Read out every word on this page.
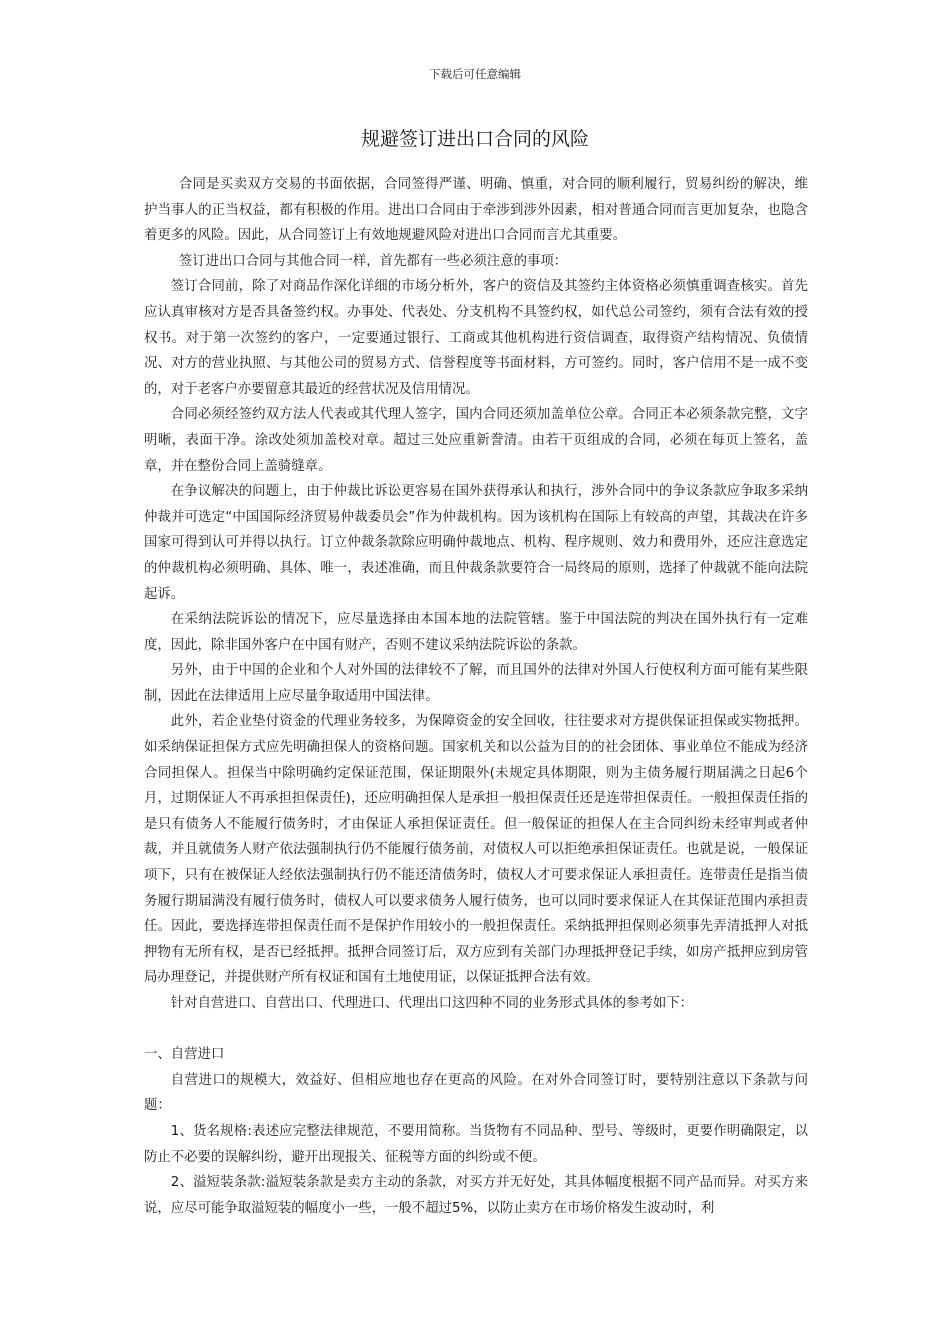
下载后可任意编辑
规避签订进出口合同的风险

合同是买卖双方交易的书面依据，合同签得严谨、明确、慎重，对合同的顺利履行，贸易纠纷的解决，维护当事人的正当权益，都有积极的作用。进出口合同由于牵涉到涉外因素，相对普通合同而言更加复杂，也隐含着更多的风险。因此，从合同签订上有效地规避风险对进出口合同而言尤其重要。

签订进出口合同与其他合同一样，首先都有一些必须注意的事项：

签订合同前，除了对商品作深化详细的市场分析外，客户的资信及其签约主体资格必须慎重调查核实。首先应认真审核对方是否具备签约权。办事处、代表处、分支机构不具签约权，如代总公司签约，须有合法有效的授权书。对于第一次签约的客户，一定要通过银行、工商或其他机构进行资信调查，取得资产结构情况、负债情况、对方的营业执照、与其他公司的贸易方式、信誉程度等书面材料，方可签约。同时，客户信用不是一成不变的，对于老客户亦要留意其最近的经营状况及信用情况。

合同必须经签约双方法人代表或其代理人签字，国内合同还须加盖单位公章。合同正本必须条款完整，文字明晰，表面干净。涂改处须加盖校对章。超过三处应重新誊清。由若干页组成的合同，必须在每页上签名，盖章，并在整份合同上盖骑缝章。

在争议解决的问题上，由于仲裁比诉讼更容易在国外获得承认和执行，涉外合同中的争议条款应争取多采纳仲裁并可选定“中国国际经济贸易仲裁委员会”作为仲裁机构。因为该机构在国际上有较高的声望，其裁决在许多国家可得到认可并得以执行。订立仲裁条款除应明确仲裁地点、机构、程序规则、效力和费用外，还应注意选定的仲裁机构必须明确、具体、唯一，表述准确，而且仲裁条款要符合一局终局的原则，选择了仲裁就不能向法院起诉。

在采纳法院诉讼的情况下，应尽量选择由本国本地的法院管辖。鉴于中国法院的判决在国外执行有一定难度，因此，除非国外客户在中国有财产，否则不建议采纳法院诉讼的条款。

另外，由于中国的企业和个人对外国的法律较不了解，而且国外的法律对外国人行使权利方面可能有某些限制，因此在法律适用上应尽量争取适用中国法律。

此外，若企业垫付资金的代理业务较多，为保障资金的安全回收，往往要求对方提供保证担保或实物抵押。如采纳保证担保方式应先明确担保人的资格问题。国家机关和以公益为目的的社会团体、事业单位不能成为经济合同担保人。担保当中除明确约定保证范围，保证期限外(未规定具体期限，则为主债务履行期届满之日起6个月，过期保证人不再承担担保责任)，还应明确担保人是承担一般担保责任还是连带担保责任。一般担保责任指的是只有债务人不能履行债务时，才由保证人承担保证责任。但一般保证的担保人在主合同纠纷未经审判或者仲裁，并且就债务人财产依法强制执行仍不能履行债务前，对债权人可以拒绝承担保证责任。也就是说，一般保证项下，只有在被保证人经依法强制执行仍不能还清债务时，债权人才可要求保证人承担责任。连带责任是指当债务履行期届满没有履行债务时，债权人可以要求债务人履行债务，也可以同时要求保证人在其保证范围内承担责任。因此，要选择连带担保责任而不是保护作用较小的一般担保责任。采纳抵押担保则必须事先弄清抵押人对抵押物有无所有权，是否已经抵押。抵押合同签订后，双方应到有关部门办理抵押登记手续，如房产抵押应到房管局办理登记，并提供财产所有权证和国有土地使用证，以保证抵押合法有效。

针对自营进口、自营出口、代理进口、代理出口这四种不同的业务形式具体的参考如下：

一、自营进口

自营进口的规模大，效益好、但相应地也存在更高的风险。在对外合同签订时，要特别注意以下条款与问题：

1、货名规格:表述应完整法律规范，不要用简称。当货物有不同品种、型号、等级时，更要作明确限定，以防止不必要的误解纠纷，避开出现报关、征税等方面的纠纷或不便。

2、溢短装条款:溢短装条款是卖方主动的条款，对买方并无好处，其具体幅度根据不同产品而异。对买方来说，应尽可能争取溢短装的幅度小一些，一般不超过5%，以防止卖方在市场价格发生波动时，利
